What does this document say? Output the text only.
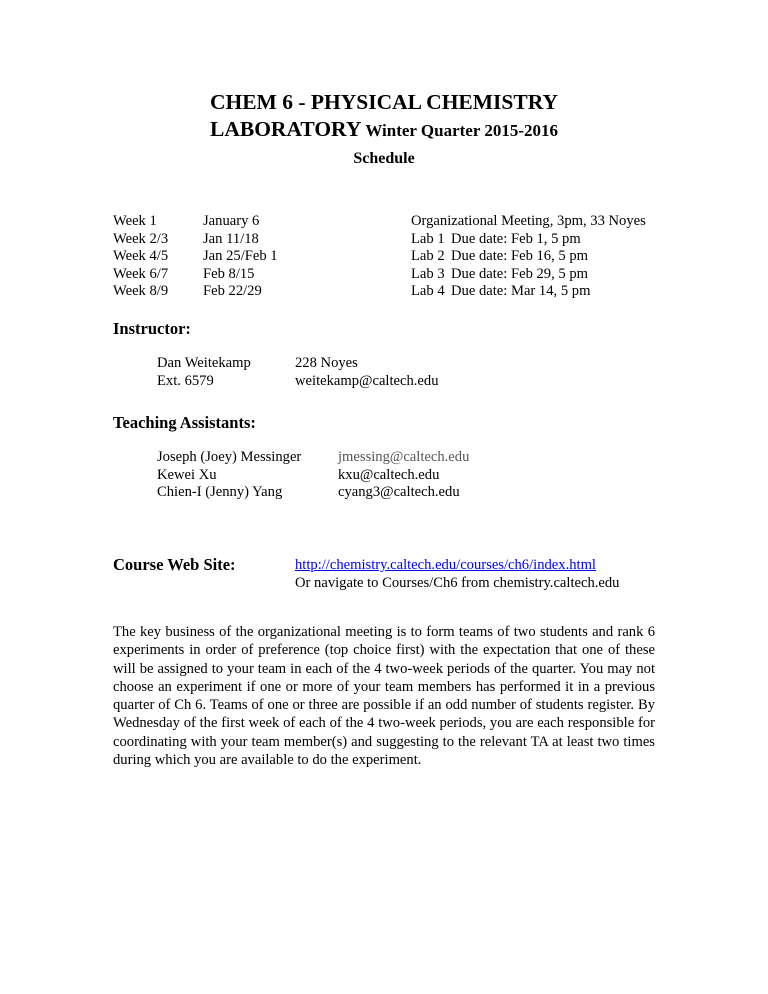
CHEM 6 - PHYSICAL CHEMISTRY
LABORATORY Winter Quarter 2015-2016
Schedule
Week 1	January 6	Organizational Meeting, 3pm, 33 Noyes
Week 2/3 Jan 11/18	Lab 1 Due date: Feb 1, 5 pm
Week 4/5 Jan 25/Feb 1	Lab 2 Due date: Feb 16, 5 pm
Week 6/7 Feb 8/15	Lab 3 Due date: Feb 29, 5 pm
Week 8/9 Feb 22/29	Lab 4 Due date: Mar 14, 5 pm
Instructor:
Dan Weitekamp	228 Noyes
Ext. 6579	weitekamp@caltech.edu
Teaching Assistants:
Joseph (Joey) Messinger	jmessing@caltech.edu
Kewei Xu	kxu@caltech.edu
Chien-I (Jenny) Yang	cyang3@caltech.edu
Course Web Site:	http://chemistry.caltech.edu/courses/ch6/index.html
Or navigate to Courses/Ch6 from chemistry.caltech.edu
The key business of the organizational meeting is to form teams of two students and rank 6 experiments in order of preference (top choice first) with the expectation that one of these will be assigned to your team in each of the 4 two-week periods of the quarter. You may not choose an experiment if one or more of your team members has performed it in a previous quarter of Ch 6. Teams of one or three are possible if an odd number of students register. By Wednesday of the first week of each of the 4 two-week periods, you are each responsible for coordinating with your team member(s) and suggesting to the relevant TA at least two times during which you are available to do the experiment.
